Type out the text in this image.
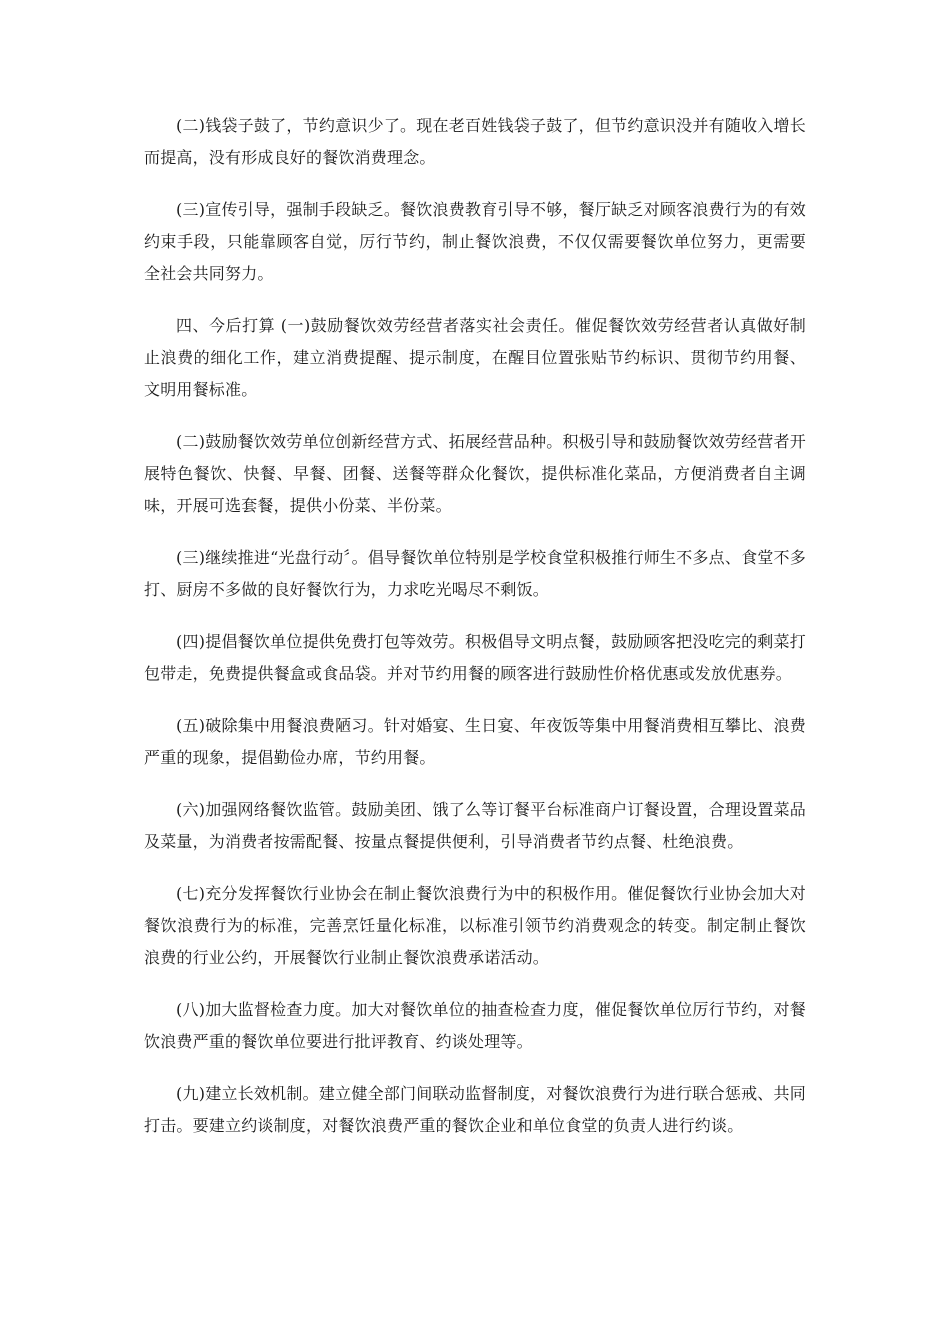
(二)钱袋子鼓了，节约意识少了。现在老百姓钱袋子鼓了，但节约意识没并有随收入增长而提高，没有形成良好的餐饮消费理念。

(三)宣传引导，强制手段缺乏。餐饮浪费教育引导不够，餐厅缺乏对顾客浪费行为的有效约束手段，只能靠顾客自觉，厉行节约，制止餐饮浪费，不仅仅需要餐饮单位努力，更需要全社会共同努力。

四、今后打算 (一)鼓励餐饮效劳经营者落实社会责任。催促餐饮效劳经营者认真做好制止浪费的细化工作，建立消费提醒、提示制度，在醒目位置张贴节约标识、贯彻节约用餐、文明用餐标准。

(二)鼓励餐饮效劳单位创新经营方式、拓展经营品种。积极引导和鼓励餐饮效劳经营者开展特色餐饮、快餐、早餐、团餐、送餐等群众化餐饮，提供标准化菜品，方便消费者自主调味，开展可选套餐，提供小份菜、半份菜。

(三)继续推进“光盘行动〞。倡导餐饮单位特别是学校食堂积极推行师生不多点、食堂不多打、厨房不多做的良好餐饮行为，力求吃光喝尽不剩饭。

(四)提倡餐饮单位提供免费打包等效劳。积极倡导文明点餐，鼓励顾客把没吃完的剩菜打包带走，免费提供餐盒或食品袋。并对节约用餐的顾客进行鼓励性价格优惠或发放优惠券。

(五)破除集中用餐浪费陋习。针对婚宴、生日宴、年夜饭等集中用餐消费相互攀比、浪费严重的现象，提倡勤俭办席，节约用餐。

(六)加强网络餐饮监管。鼓励美团、饿了么等订餐平台标准商户订餐设置，合理设置菜品及菜量，为消费者按需配餐、按量点餐提供便利，引导消费者节约点餐、杜绝浪费。

(七)充分发挥餐饮行业协会在制止餐饮浪费行为中的积极作用。催促餐饮行业协会加大对餐饮浪费行为的标准，完善烹饪量化标准，以标准引领节约消费观念的转变。制定制止餐饮浪费的行业公约，开展餐饮行业制止餐饮浪费承诺活动。

(八)加大监督检查力度。加大对餐饮单位的抽查检查力度，催促餐饮单位厉行节约，对餐饮浪费严重的餐饮单位要进行批评教育、约谈处理等。

(九)建立长效机制。建立健全部门间联动监督制度，对餐饮浪费行为进行联合惩戒、共同打击。要建立约谈制度，对餐饮浪费严重的餐饮企业和单位食堂的负责人进行约谈。
